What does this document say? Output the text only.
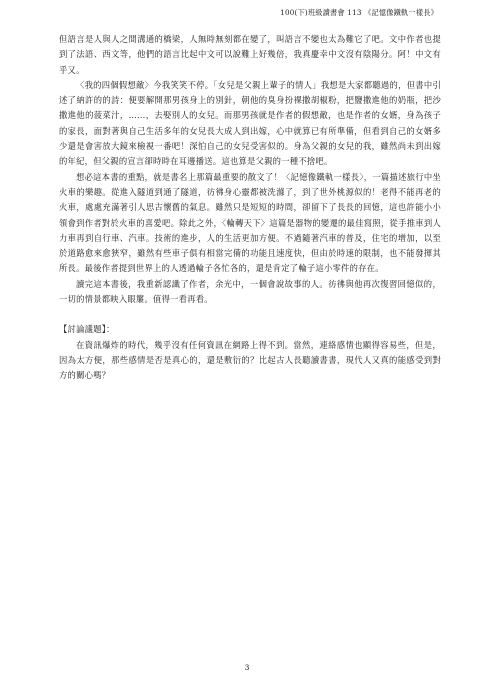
100(下)班級讀書會 113 《記憶像鐵軌一樣長》

但語言是人與人之間溝通的橋梁，人無時無刻都在變了，叫語言不變也太為難它了吧。文中作者也提到了法語、西文等，他們的語言比起中文可以說難上好幾倍，我真慶幸中文沒有陰陽分。阿！中文有乎又。

〈我的四個假想敵〉今我笑笑不停。「女兒是父親上輩子的情人」我想是大家都聽過的，但書中引述了納許的的詩：便要解開那男孩身上的別針，朝他的臭身扮裸撒胡椒粉，把鹽撒進他的奶瓶，把沙撒進他的菠菜汁，……，去娶別人的女兒。而那男孩就是作者的假想敵，也是作者的女婿，身為孩子的家長，面對著與自己生活多年的女兒長大成人到出嫁，心中就算已有所準備，但看到自己的女婿多少還是會害放大鏡來檢視一番吧！深怕自己的女兒受害似的。身為父親的女兒的我，雖然尚未到出嫁的年紀，但父親的宣言卻時時在耳邊播送。這也算是父親的一種不捨吧。

想必這本書的重點，就是書名上那篇最重要的散文了！〈記憶像鐵軌一樣長〉，一篇描述旅行中坐火車的樂趣。從進入隧道到通了隧道，彷彿身心靈都被洗滌了，到了世外桃源似的！老得不能再老的火車，處處充滿著引人思古懷舊的氣息。雖然只是短短的時間，卻留下了長長的回憶，這也許能小小領會到作者對於火車的喜愛吧。除此之外，〈輪轉天下〉這篇是器物的變遷的最佳寫照，從手推車到人力車再到自行車、汽車。技術的進步，人的生活更加方便。不過隨著汽車的普及，住宅的增加，以至於道路愈來愈狹窄，雖然有些車子俱有相當完備的功能且速度快，但由於時速的限制，也不能發揮其所長。最後作者提到世界上的人透過輪子各忙各的，還是肯定了輪子這小零件的存在。

讀完這本書後，我重新認識了作者，余光中，一個會說故事的人。彷彿與他再次復習回憶似的，一切的情景都映入眼簾。值得一看再看。

【討論議題】：

在資訊爆炸的時代，幾乎沒有任何資訊在網路上得不到。當然，連絡感情也顯得容易些，但是，因為太方便，那些感情是否是真心的，還是敷衍的？比起古人長聽讀書書，現代人又真的能感受到對方的關心嗎？

3
